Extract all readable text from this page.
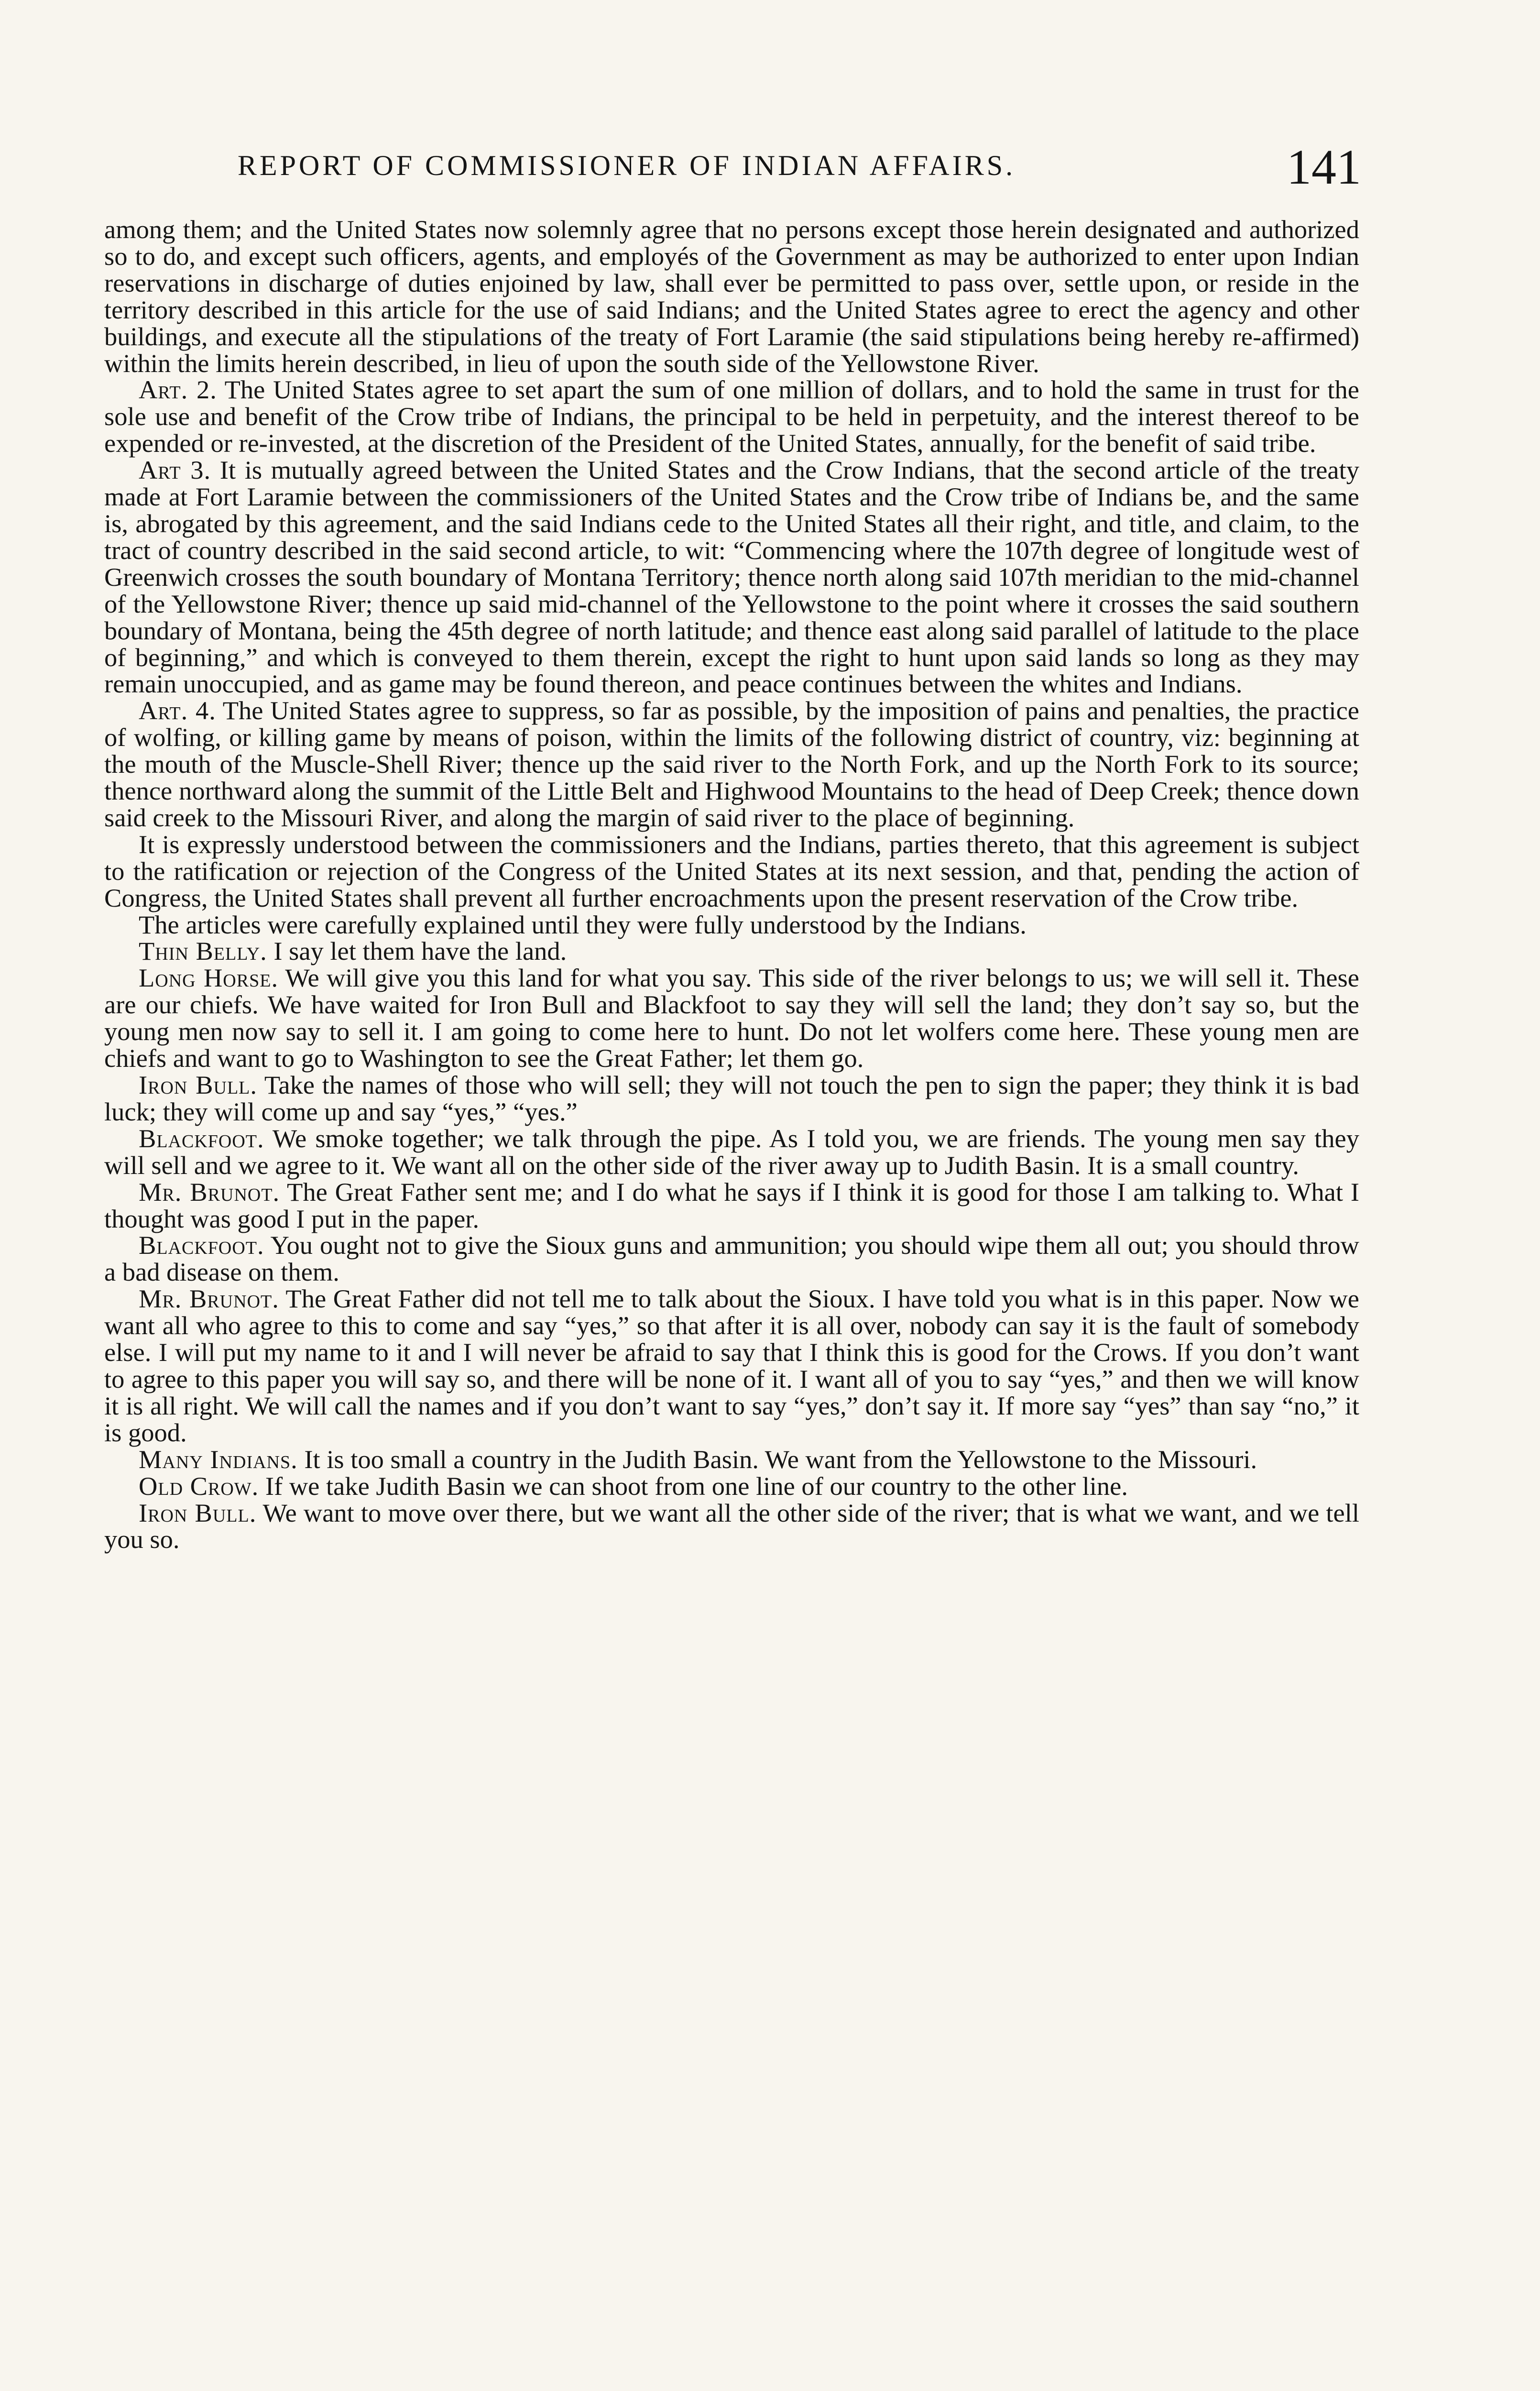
REPORT OF COMMISSIONER OF INDIAN AFFAIRS.	141

among them; and the United States now solemnly agree that no persons except those herein designated and authorized so to do, and except such officers, agents, and employés of the Government as may be authorized to enter upon Indian reservations in discharge of duties enjoined by law, shall ever be permitted to pass over, settle upon, or reside in the territory described in this article for the use of said Indians; and the United States agree to erect the agency and other buildings, and execute all the stipulations of the treaty of Fort Laramie (the said stipulations being hereby re-affirmed) within the limits herein described, in lieu of upon the south side of the Yellowstone River.

Art. 2. The United States agree to set apart the sum of one million of dollars, and to hold the same in trust for the sole use and benefit of the Crow tribe of Indians, the principal to be held in perpetuity, and the interest thereof to be expended or re-invested, at the discretion of the President of the United States, annually, for the benefit of said tribe.

Art 3. It is mutually agreed between the United States and the Crow Indians, that the second article of the treaty made at Fort Laramie between the commissioners of the United States and the Crow tribe of Indians be, and the same is, abrogated by this agreement, and the said Indians cede to the United States all their right, and title, and claim, to the tract of country described in the said second article, to wit: “Commencing where the 107th degree of longitude west of Greenwich crosses the south boundary of Montana Territory; thence north along said 107th meridian to the mid-channel of the Yellowstone River; thence up said mid-channel of the Yellowstone to the point where it crosses the said southern boundary of Montana, being the 45th degree of north latitude; and thence east along said parallel of latitude to the place of beginning,” and which is conveyed to them therein, except the right to hunt upon said lands so long as they may remain unoccupied, and as game may be found thereon, and peace continues between the whites and Indians.

Art. 4. The United States agree to suppress, so far as possible, by the imposition of pains and penalties, the practice of wolfing, or killing game by means of poison, within the limits of the following district of country, viz: beginning at the mouth of the Muscle-Shell River; thence up the said river to the North Fork, and up the North Fork to its source; thence northward along the summit of the Little Belt and Highwood Mountains to the head of Deep Creek; thence down said creek to the Missouri River, and along the margin of said river to the place of beginning.

It is expressly understood between the commissioners and the Indians, parties thereto, that this agreement is subject to the ratification or rejection of the Congress of the United States at its next session, and that, pending the action of Congress, the United States shall prevent all further encroachments upon the present reservation of the Crow tribe.

The articles were carefully explained until they were fully understood by the Indians.

Thin Belly. I say let them have the land.

Long Horse. We will give you this land for what you say. This side of the river belongs to us; we will sell it. These are our chiefs. We have waited for Iron Bull and Blackfoot to say they will sell the land; they don’t say so, but the young men now say to sell it. I am going to come here to hunt. Do not let wolfers come here. These young men are chiefs and want to go to Washington to see the Great Father; let them go.

Iron Bull. Take the names of those who will sell; they will not touch the pen to sign the paper; they think it is bad luck; they will come up and say “yes,” “yes.”

Blackfoot. We smoke together; we talk through the pipe. As I told you, we are friends. The young men say they will sell and we agree to it. We want all on the other side of the river away up to Judith Basin. It is a small country.

Mr. Brunot. The Great Father sent me; and I do what he says if I think it is good for those I am talking to. What I thought was good I put in the paper.

Blackfoot. You ought not to give the Sioux guns and ammunition; you should wipe them all out; you should throw a bad disease on them.

Mr. Brunot. The Great Father did not tell me to talk about the Sioux. I have told you what is in this paper. Now we want all who agree to this to come and say “yes,” so that after it is all over, nobody can say it is the fault of somebody else. I will put my name to it and I will never be afraid to say that I think this is good for the Crows. If you don’t want to agree to this paper you will say so, and there will be none of it. I want all of you to say “yes,” and then we will know it is all right. We will call the names and if you don’t want to say “yes,” don’t say it. If more say “yes” than say “no,” it is good.

Many Indians. It is too small a country in the Judith Basin. We want from the Yellowstone to the Missouri.

Old Crow. If we take Judith Basin we can shoot from one line of our country to the other line.

Iron Bull. We want to move over there, but we want all the other side of the river; that is what we want, and we tell you so.
